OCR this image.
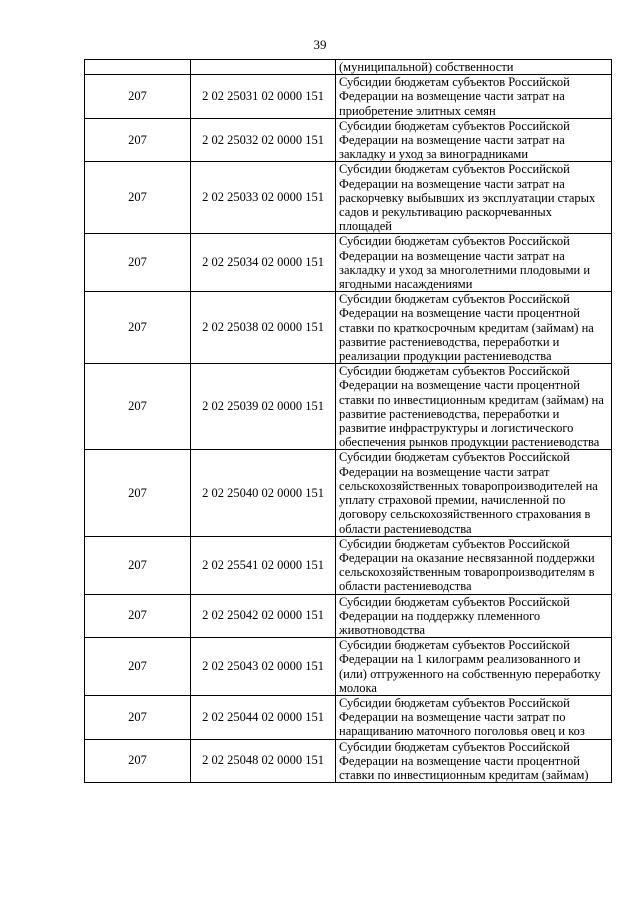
39
		(муниципальной) собственности
207	2 02 25031 02 0000 151	Субсидии бюджетам субъектов Российской Федерации на возмещение части затрат на приобретение элитных семян
207	2 02 25032 02 0000 151	Субсидии бюджетам субъектов Российской Федерации на возмещение части затрат на закладку и уход за виноградниками
207	2 02 25033 02 0000 151	Субсидии бюджетам субъектов Российской Федерации на возмещение части затрат на раскорчевку выбывших из эксплуатации старых садов и рекультивацию раскорчеванных площадей
207	2 02 25034 02 0000 151	Субсидии бюджетам субъектов Российской Федерации на возмещение части затрат на закладку и уход за многолетними плодовыми и ягодными насаждениями
207	2 02 25038 02 0000 151	Субсидии бюджетам субъектов Российской Федерации на возмещение части процентной ставки по краткосрочным кредитам (займам) на развитие растениеводства, переработки и реализации продукции растениеводства
207	2 02 25039 02 0000 151	Субсидии бюджетам субъектов Российской Федерации на возмещение части процентной ставки по инвестиционным кредитам (займам) на развитие растениеводства, переработки и развитие инфраструктуры и логистического обеспечения рынков продукции растениеводства
207	2 02 25040 02 0000 151	Субсидии бюджетам субъектов Российской Федерации на возмещение части затрат сельскохозяйственных товаропроизводителей на уплату страховой премии, начисленной по договору сельскохозяйственного страхования в области растениеводства
207	2 02 25541 02 0000 151	Субсидии бюджетам субъектов Российской Федерации на оказание несвязанной поддержки сельскохозяйственным товаропроизводителям в области растениеводства
207	2 02 25042 02 0000 151	Субсидии бюджетам субъектов Российской Федерации на поддержку племенного животноводства
207	2 02 25043 02 0000 151	Субсидии бюджетам субъектов Российской Федерации на 1 килограмм реализованного и (или) отгруженного на собственную переработку молока
207	2 02 25044 02 0000 151	Субсидии бюджетам субъектов Российской Федерации на возмещение части затрат по наращиванию маточного поголовья овец и коз
207	2 02 25048 02 0000 151	Субсидии бюджетам субъектов Российской Федерации на возмещение части процентной ставки по инвестиционным кредитам (займам)
